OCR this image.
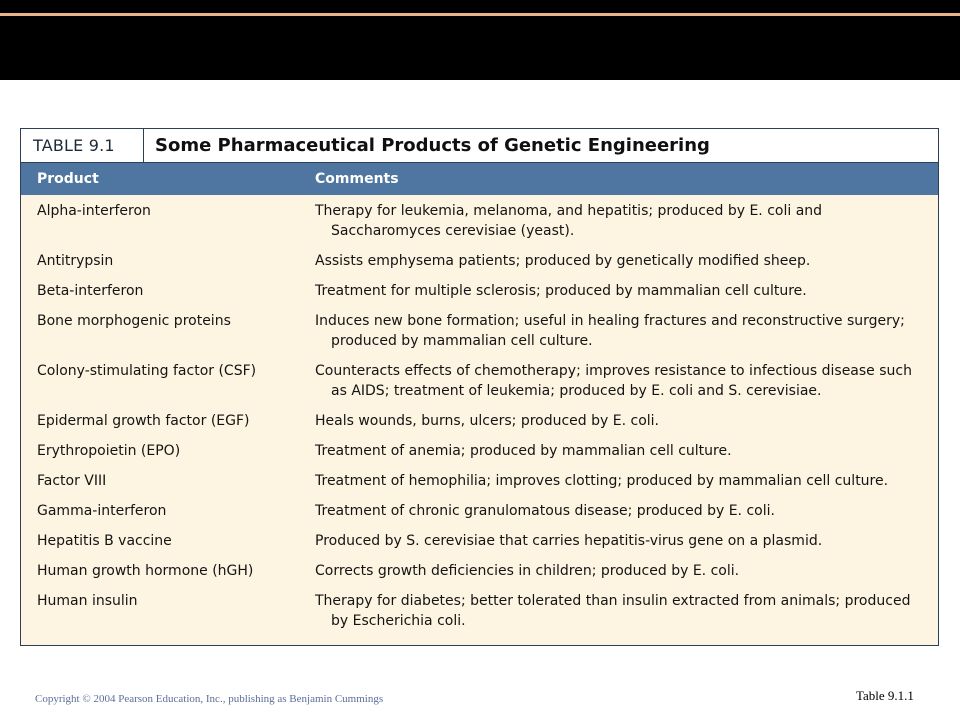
TABLE 9.1	Some Pharmaceutical Products of Genetic Engineering
Product	Comments
Alpha-interferon	Therapy for leukemia, melanoma, and hepatitis; produced by E. coli and Saccharomyces cerevisiae (yeast).
Antitrypsin	Assists emphysema patients; produced by genetically modified sheep.
Beta-interferon	Treatment for multiple sclerosis; produced by mammalian cell culture.
Bone morphogenic proteins	Induces new bone formation; useful in healing fractures and reconstructive surgery; produced by mammalian cell culture.
Colony-stimulating factor (CSF)	Counteracts effects of chemotherapy; improves resistance to infectious disease such as AIDS; treatment of leukemia; produced by E. coli and S. cerevisiae.
Epidermal growth factor (EGF)	Heals wounds, burns, ulcers; produced by E. coli.
Erythropoietin (EPO)	Treatment of anemia; produced by mammalian cell culture.
Factor VIII	Treatment of hemophilia; improves clotting; produced by mammalian cell culture.
Gamma-interferon	Treatment of chronic granulomatous disease; produced by E. coli.
Hepatitis B vaccine	Produced by S. cerevisiae that carries hepatitis-virus gene on a plasmid.
Human growth hormone (hGH)	Corrects growth deficiencies in children; produced by E. coli.
Human insulin	Therapy for diabetes; better tolerated than insulin extracted from animals; produced by Escherichia coli.
Copyright © 2004 Pearson Education, Inc., publishing as Benjamin Cummings	Table 9.1.1
